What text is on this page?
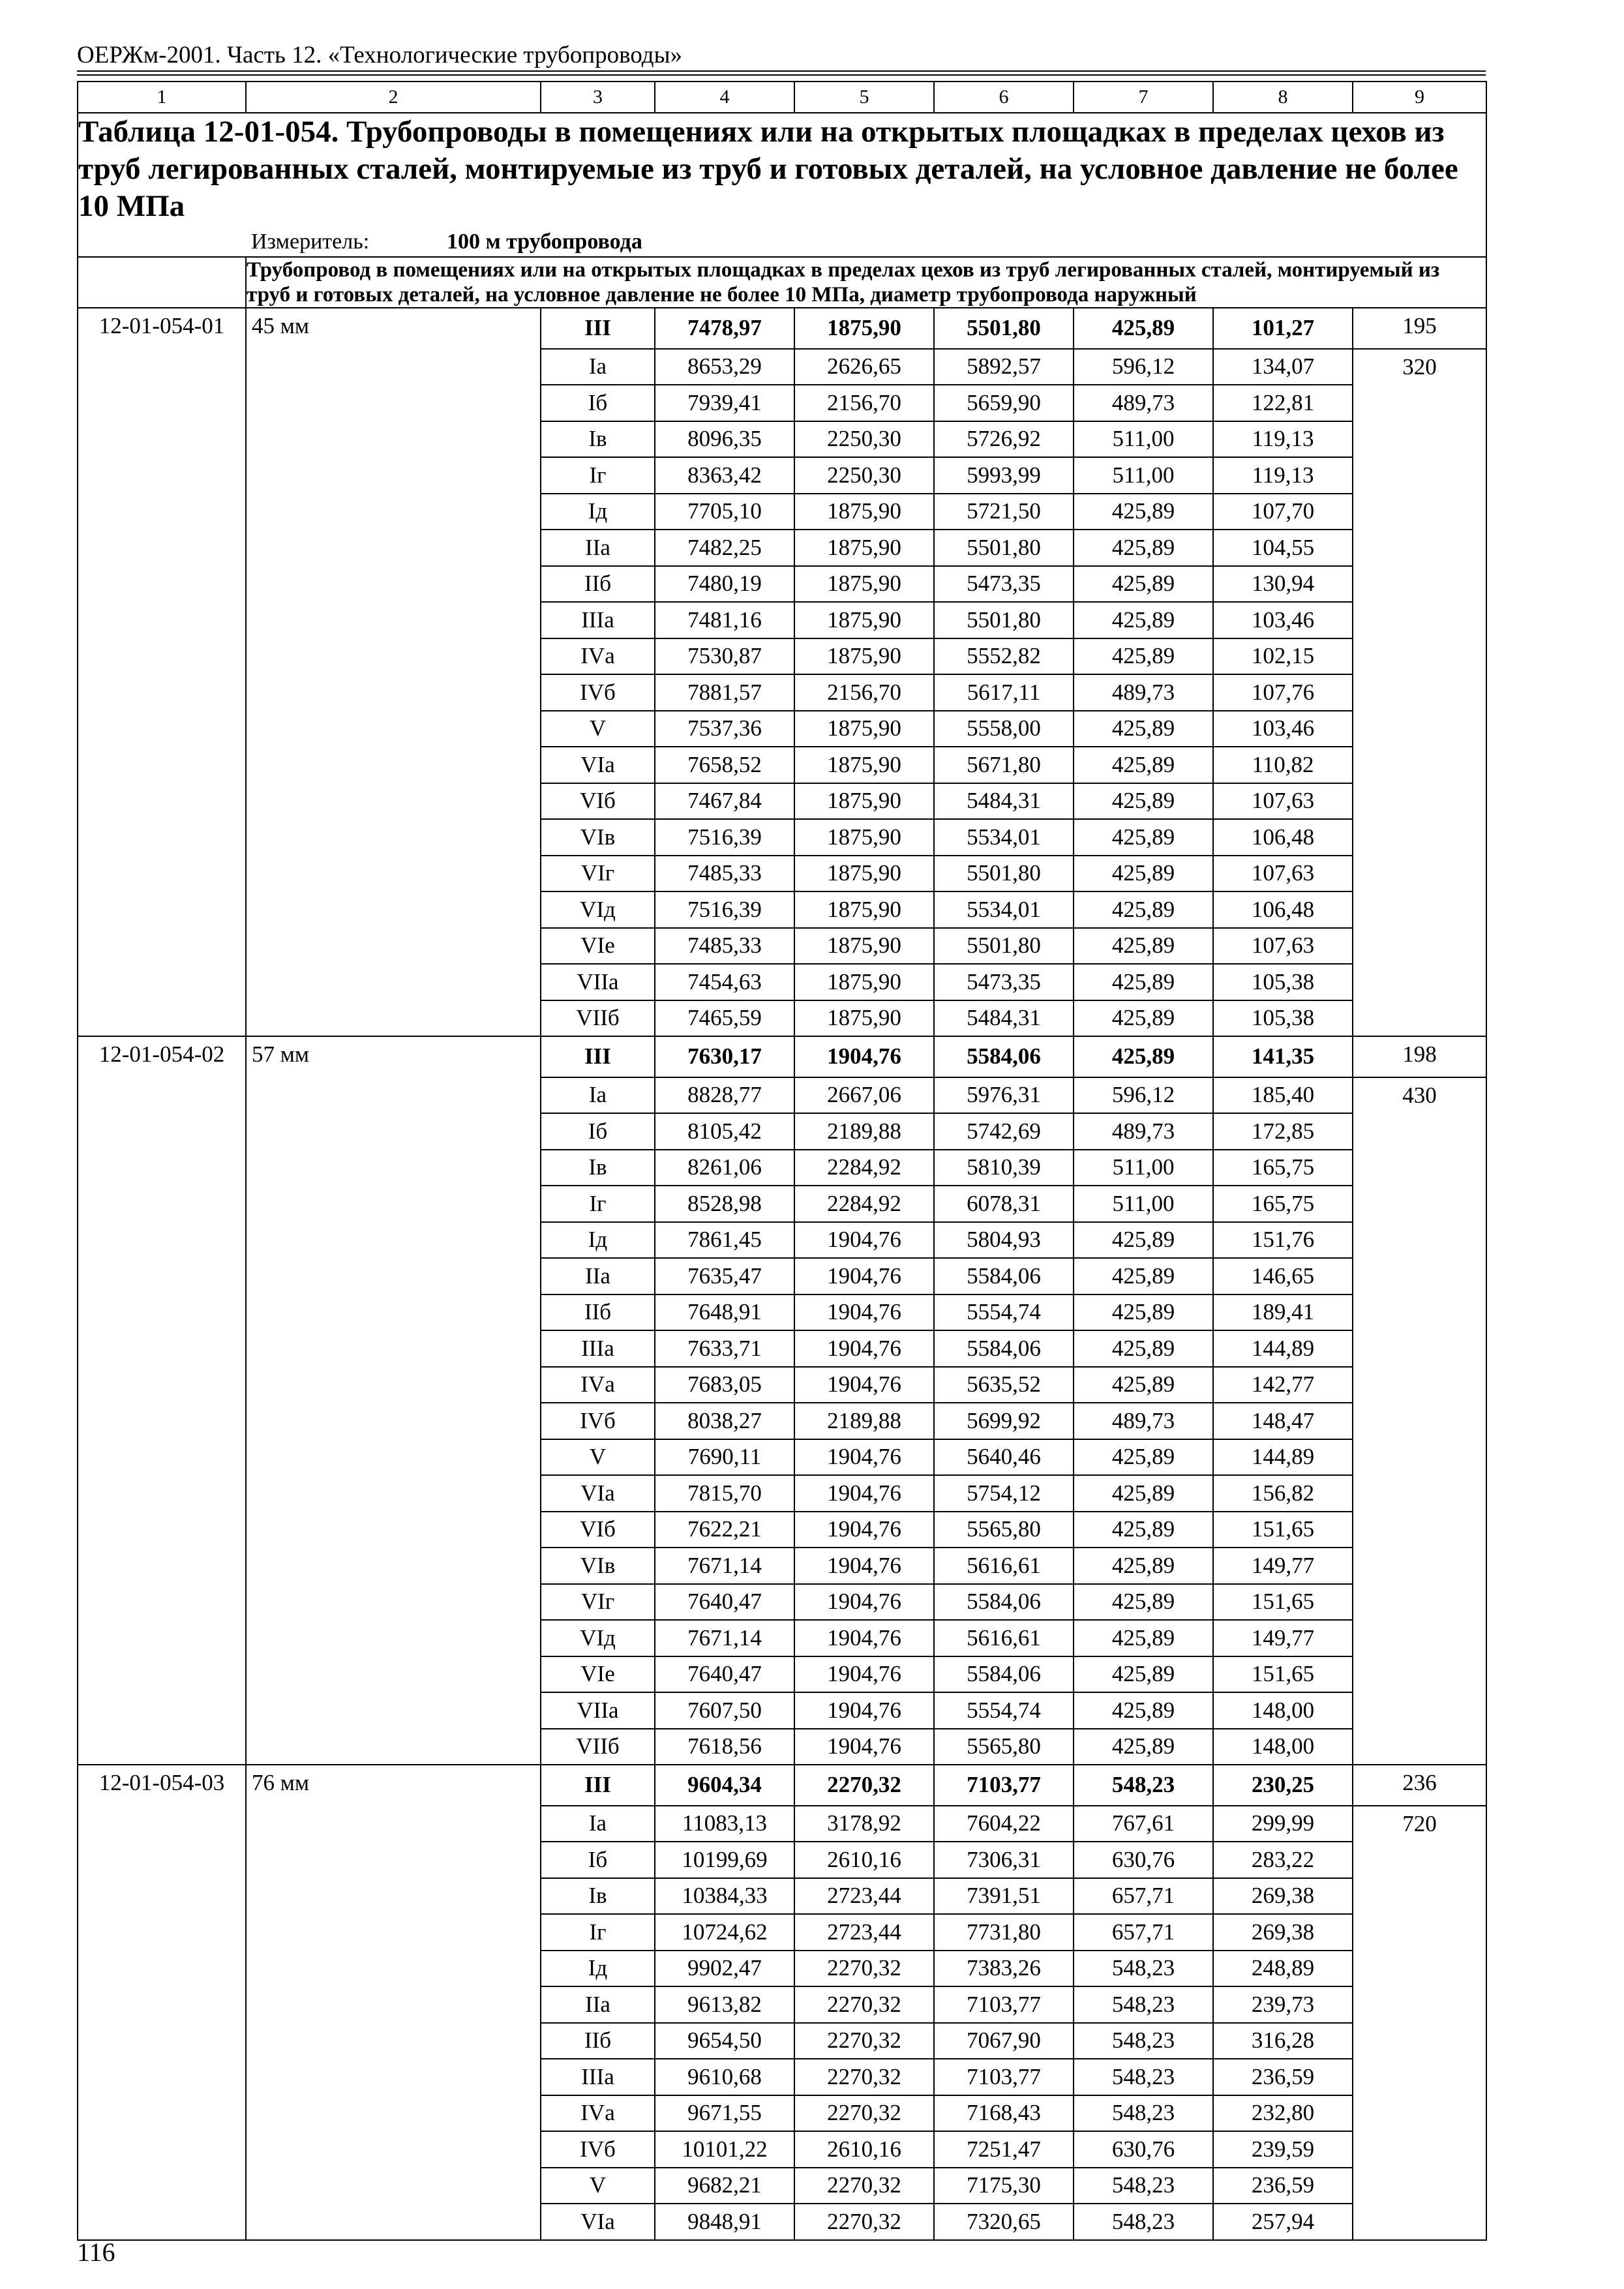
ОЕРЖм-2001. Часть 12. «Технологические трубопроводы»
1	2	3	4	5	6	7	8	9

Таблица 12-01-054. Трубопроводы в помещениях или на открытых площадках в пределах цехов из труб легированных сталей, монтируемые из труб и готовых деталей, на условное давление не более 10 МПа
Измеритель: 100 м трубопровода								

	Трубопровод в помещениях или на открытых площадках в пределах цехов из труб легированных сталей, монтируемый из труб и готовых деталей, на условное давление не более 10 МПа, диаметр трубопровода наружный							
12-01-054-01	45 мм	III	7478,97	1875,90	5501,80	425,89	101,27	195
		Iа	8653,29	2626,65	5892,57	596,12	134,07	320
		Iб	7939,41	2156,70	5659,90	489,73	122,81	
		Iв	8096,35	2250,30	5726,92	511,00	119,13	
		Iг	8363,42	2250,30	5993,99	511,00	119,13	
		Iд	7705,10	1875,90	5721,50	425,89	107,70	
		IIа	7482,25	1875,90	5501,80	425,89	104,55	
		IIб	7480,19	1875,90	5473,35	425,89	130,94	
		IIIа	7481,16	1875,90	5501,80	425,89	103,46	
		IVа	7530,87	1875,90	5552,82	425,89	102,15	
		IVб	7881,57	2156,70	5617,11	489,73	107,76	
		V	7537,36	1875,90	5558,00	425,89	103,46	
		VIа	7658,52	1875,90	5671,80	425,89	110,82	
		VIб	7467,84	1875,90	5484,31	425,89	107,63	
		VIв	7516,39	1875,90	5534,01	425,89	106,48	
		VIг	7485,33	1875,90	5501,80	425,89	107,63	
		VIд	7516,39	1875,90	5534,01	425,89	106,48	
		VIе	7485,33	1875,90	5501,80	425,89	107,63	
		VIIа	7454,63	1875,90	5473,35	425,89	105,38	
		VIIб	7465,59	1875,90	5484,31	425,89	105,38	
12-01-054-02	57 мм	III	7630,17	1904,76	5584,06	425,89	141,35	198
		Iа	8828,77	2667,06	5976,31	596,12	185,40	430
		Iб	8105,42	2189,88	5742,69	489,73	172,85	
		Iв	8261,06	2284,92	5810,39	511,00	165,75	
		Iг	8528,98	2284,92	6078,31	511,00	165,75	
		Iд	7861,45	1904,76	5804,93	425,89	151,76	
		IIа	7635,47	1904,76	5584,06	425,89	146,65	
		IIб	7648,91	1904,76	5554,74	425,89	189,41	
		IIIа	7633,71	1904,76	5584,06	425,89	144,89	
		IVа	7683,05	1904,76	5635,52	425,89	142,77	
		IVб	8038,27	2189,88	5699,92	489,73	148,47	
		V	7690,11	1904,76	5640,46	425,89	144,89	
		VIа	7815,70	1904,76	5754,12	425,89	156,82	
		VIб	7622,21	1904,76	5565,80	425,89	151,65	
		VIв	7671,14	1904,76	5616,61	425,89	149,77	
		VIг	7640,47	1904,76	5584,06	425,89	151,65	
		VIд	7671,14	1904,76	5616,61	425,89	149,77	
		VIе	7640,47	1904,76	5584,06	425,89	151,65	
		VIIа	7607,50	1904,76	5554,74	425,89	148,00	
		VIIб	7618,56	1904,76	5565,80	425,89	148,00	
12-01-054-03	76 мм	III	9604,34	2270,32	7103,77	548,23	230,25	236
		Iа	11083,13	3178,92	7604,22	767,61	299,99	720
		Iб	10199,69	2610,16	7306,31	630,76	283,22	
		Iв	10384,33	2723,44	7391,51	657,71	269,38	
		Iг	10724,62	2723,44	7731,80	657,71	269,38	
		Iд	9902,47	2270,32	7383,26	548,23	248,89	
		IIа	9613,82	2270,32	7103,77	548,23	239,73	
		IIб	9654,50	2270,32	7067,90	548,23	316,28	
		IIIа	9610,68	2270,32	7103,77	548,23	236,59	
		IVа	9671,55	2270,32	7168,43	548,23	232,80	
		IVб	10101,22	2610,16	7251,47	630,76	239,59	
		V	9682,21	2270,32	7175,30	548,23	236,59	
		VIа	9848,91	2270,32	7320,65	548,23	257,94	
116
